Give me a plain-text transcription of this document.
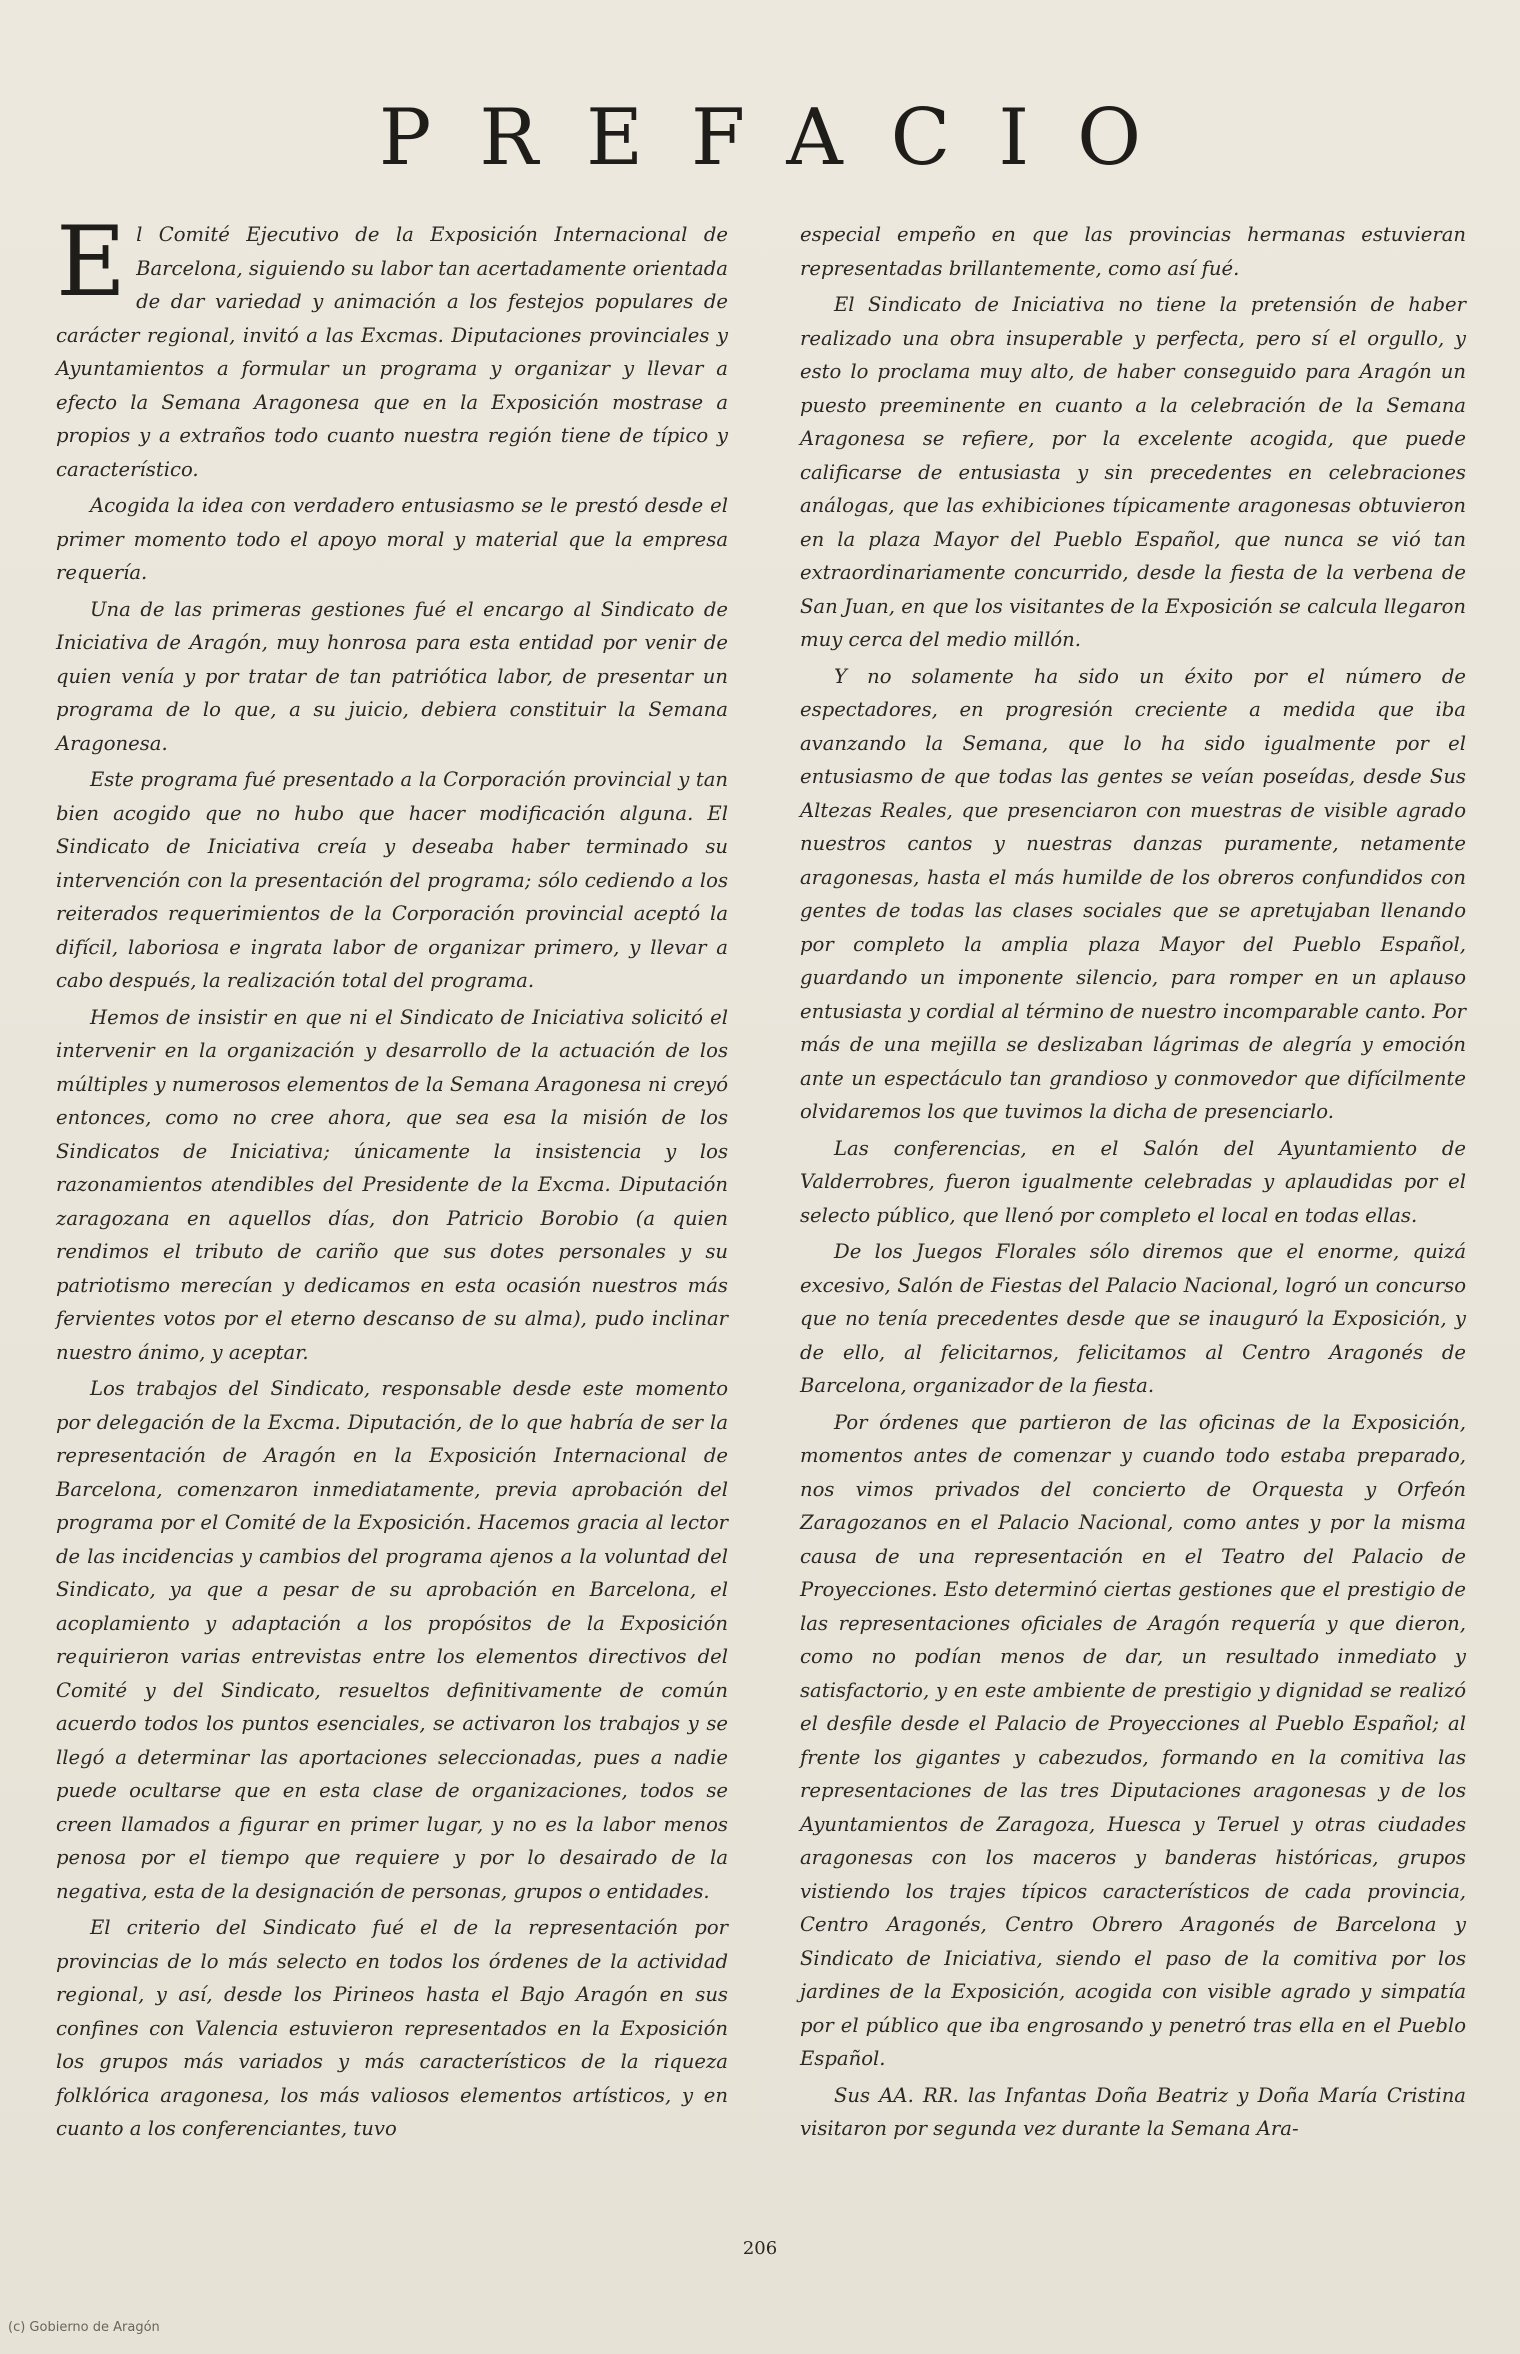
PREFACIO

El Comité Ejecutivo de la Exposición Internacional de Barcelona, siguiendo su labor tan acertadamente orientada de dar variedad y animación a los festejos populares de carácter regional, invitó a las Excmas. Diputaciones provinciales y Ayuntamientos a formular un programa y organizar y llevar a efecto la Semana Aragonesa que en la Exposición mostrase a propios y a extraños todo cuanto nuestra región tiene de típico y característico.

Acogida la idea con verdadero entusiasmo se le prestó desde el primer momento todo el apoyo moral y material que la empresa requería.

Una de las primeras gestiones fué el encargo al Sindicato de Iniciativa de Aragón, muy honrosa para esta entidad por venir de quien venía y por tratar de tan patriótica labor, de presentar un programa de lo que, a su juicio, debiera constituir la Semana Aragonesa.

Este programa fué presentado a la Corporación provincial y tan bien acogido que no hubo que hacer modificación alguna. El Sindicato de Iniciativa creía y deseaba haber terminado su intervención con la presentación del programa; sólo cediendo a los reiterados requerimientos de la Corporación provincial aceptó la difícil, laboriosa e ingrata labor de organizar primero, y llevar a cabo después, la realización total del programa.

Hemos de insistir en que ni el Sindicato de Iniciativa solicitó el intervenir en la organización y desarrollo de la actuación de los múltiples y numerosos elementos de la Semana Aragonesa ni creyó entonces, como no cree ahora, que sea esa la misión de los Sindicatos de Iniciativa; únicamente la insistencia y los razonamientos atendibles del Presidente de la Excma. Diputación zaragozana en aquellos días, don Patricio Borobio (a quien rendimos el tributo de cariño que sus dotes personales y su patriotismo merecían y dedicamos en esta ocasión nuestros más fervientes votos por el eterno descanso de su alma), pudo inclinar nuestro ánimo, y aceptar.

Los trabajos del Sindicato, responsable desde este momento por delegación de la Excma. Diputación, de lo que habría de ser la representación de Aragón en la Exposición Internacional de Barcelona, comenzaron inmediatamente, previa aprobación del programa por el Comité de la Exposición. Hacemos gracia al lector de las incidencias y cambios del programa ajenos a la voluntad del Sindicato, ya que a pesar de su aprobación en Barcelona, el acoplamiento y adaptación a los propósitos de la Exposición requirieron varias entrevistas entre los elementos directivos del Comité y del Sindicato, resueltos definitivamente de común acuerdo todos los puntos esenciales, se activaron los trabajos y se llegó a determinar las aportaciones seleccionadas, pues a nadie puede ocultarse que en esta clase de organizaciones, todos se creen llamados a figurar en primer lugar, y no es la labor menos penosa por el tiempo que requiere y por lo desairado de la negativa, esta de la designación de personas, grupos o entidades.

El criterio del Sindicato fué el de la representación por provincias de lo más selecto en todos los órdenes de la actividad regional, y así, desde los Pirineos hasta el Bajo Aragón en sus confines con Valencia estuvieron representados en la Exposición los grupos más variados y más característicos de la riqueza folklórica aragonesa, los más valiosos elementos artísticos, y en cuanto a los conferenciantes, tuvo

especial empeño en que las provincias hermanas estuvieran representadas brillantemente, como así fué.

El Sindicato de Iniciativa no tiene la pretensión de haber realizado una obra insuperable y perfecta, pero sí el orgullo, y esto lo proclama muy alto, de haber conseguido para Aragón un puesto preeminente en cuanto a la celebración de la Semana Aragonesa se refiere, por la excelente acogida, que puede calificarse de entusiasta y sin precedentes en celebraciones análogas, que las exhibiciones típicamente aragonesas obtuvieron en la plaza Mayor del Pueblo Español, que nunca se vió tan extraordinariamente concurrido, desde la fiesta de la verbena de San Juan, en que los visitantes de la Exposición se calcula llegaron muy cerca del medio millón.

Y no solamente ha sido un éxito por el número de espectadores, en progresión creciente a medida que iba avanzando la Semana, que lo ha sido igualmente por el entusiasmo de que todas las gentes se veían poseídas, desde Sus Altezas Reales, que presenciaron con muestras de visible agrado nuestros cantos y nuestras danzas puramente, netamente aragonesas, hasta el más humilde de los obreros confundidos con gentes de todas las clases sociales que se apretujaban llenando por completo la amplia plaza Mayor del Pueblo Español, guardando un imponente silencio, para romper en un aplauso entusiasta y cordial al término de nuestro incomparable canto. Por más de una mejilla se deslizaban lágrimas de alegría y emoción ante un espectáculo tan grandioso y conmovedor que difícilmente olvidaremos los que tuvimos la dicha de presenciarlo.

Las conferencias, en el Salón del Ayuntamiento de Valderrobres, fueron igualmente celebradas y aplaudidas por el selecto público, que llenó por completo el local en todas ellas.

De los Juegos Florales sólo diremos que el enorme, quizá excesivo, Salón de Fiestas del Palacio Nacional, logró un concurso que no tenía precedentes desde que se inauguró la Exposición, y de ello, al felicitarnos, felicitamos al Centro Aragonés de Barcelona, organizador de la fiesta.

Por órdenes que partieron de las oficinas de la Exposición, momentos antes de comenzar y cuando todo estaba preparado, nos vimos privados del concierto de Orquesta y Orfeón Zaragozanos en el Palacio Nacional, como antes y por la misma causa de una representación en el Teatro del Palacio de Proyecciones. Esto determinó ciertas gestiones que el prestigio de las representaciones oficiales de Aragón requería y que dieron, como no podían menos de dar, un resultado inmediato y satisfactorio, y en este ambiente de prestigio y dignidad se realizó el desfile desde el Palacio de Proyecciones al Pueblo Español; al frente los gigantes y cabezudos, formando en la comitiva las representaciones de las tres Diputaciones aragonesas y de los Ayuntamientos de Zaragoza, Huesca y Teruel y otras ciudades aragonesas con los maceros y banderas históricas, grupos vistiendo los trajes típicos característicos de cada provincia, Centro Aragonés, Centro Obrero Aragonés de Barcelona y Sindicato de Iniciativa, siendo el paso de la comitiva por los jardines de la Exposición, acogida con visible agrado y simpatía por el público que iba engrosando y penetró tras ella en el Pueblo Español.

Sus AA. RR. las Infantas Doña Beatriz y Doña María Cristina visitaron por segunda vez durante la Semana Ara-

206
(c) Gobierno de Aragón
